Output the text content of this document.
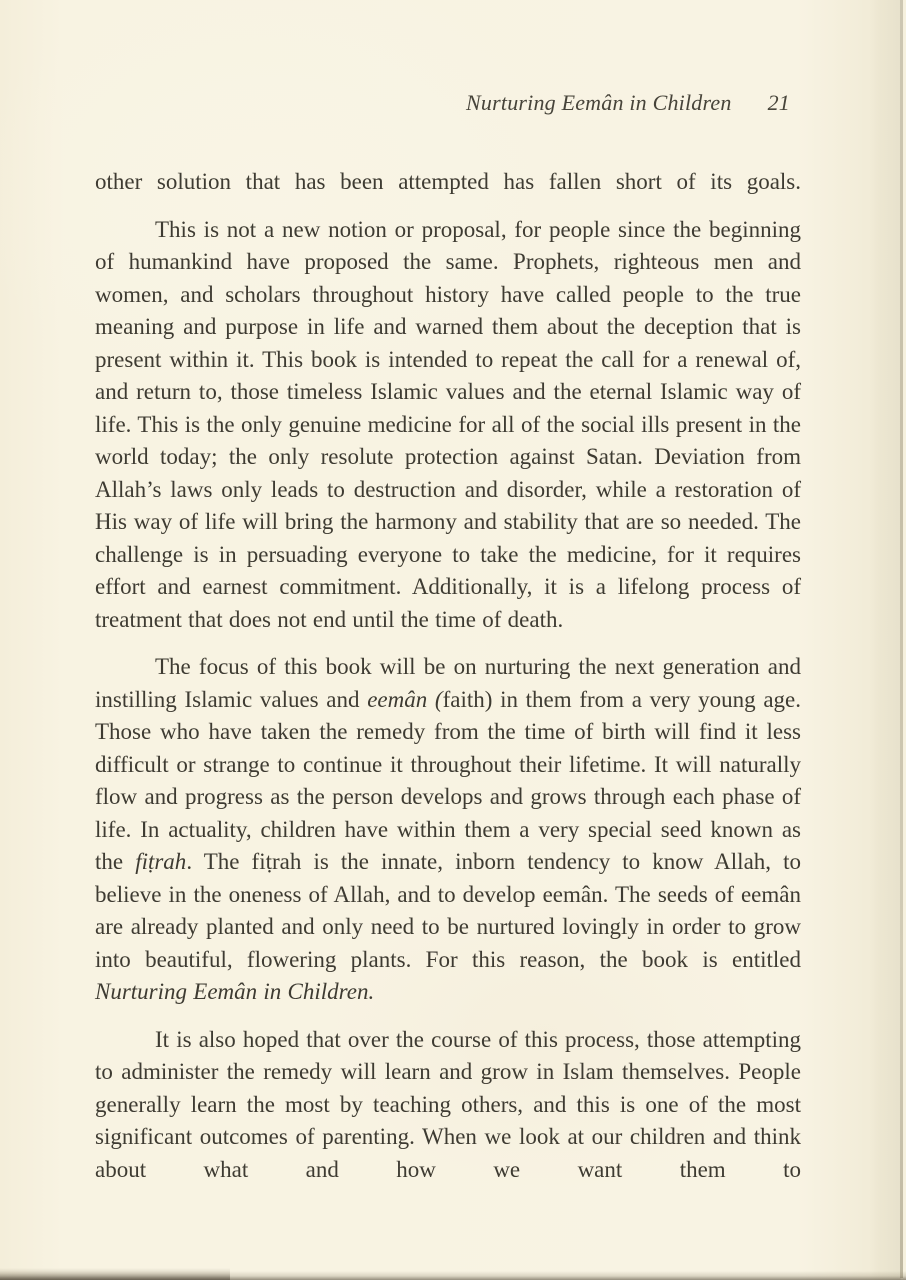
Nurturing Eemân in Children 21

other solution that has been attempted has fallen short of its goals.

This is not a new notion or proposal, for people since the beginning of humankind have proposed the same. Prophets, righteous men and women, and scholars throughout history have called people to the true meaning and purpose in life and warned them about the deception that is present within it. This book is intended to repeat the call for a renewal of, and return to, those timeless Islamic values and the eternal Islamic way of life. This is the only genuine medicine for all of the social ills present in the world today; the only resolute protection against Satan. Deviation from Allah’s laws only leads to destruction and disorder, while a restoration of His way of life will bring the harmony and stability that are so needed. The challenge is in persuading everyone to take the medicine, for it requires effort and earnest commitment. Additionally, it is a lifelong process of treatment that does not end until the time of death.

The focus of this book will be on nurturing the next generation and instilling Islamic values and eemân (faith) in them from a very young age. Those who have taken the remedy from the time of birth will find it less difficult or strange to continue it throughout their lifetime. It will naturally flow and progress as the person develops and grows through each phase of life. In actuality, children have within them a very special seed known as the fiṭrah. The fiṭrah is the innate, inborn tendency to know Allah, to believe in the oneness of Allah, and to develop eemân. The seeds of eemân are already planted and only need to be nurtured lovingly in order to grow into beautiful, flowering plants. For this reason, the book is entitled Nurturing Eemân in Children.

It is also hoped that over the course of this process, those attempting to administer the remedy will learn and grow in Islam themselves. People generally learn the most by teaching others, and this is one of the most significant outcomes of parenting. When we look at our children and think about what and how we want them to
